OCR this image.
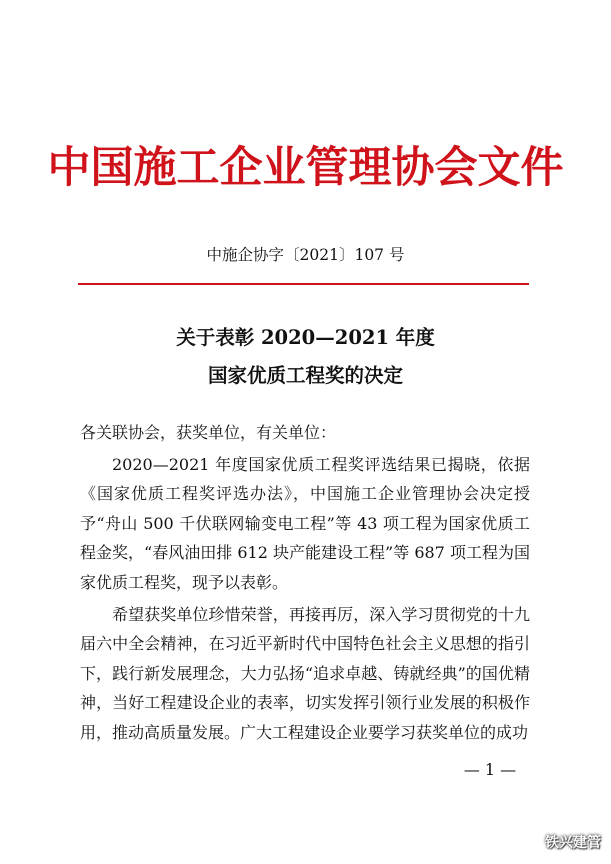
中国施工企业管理协会文件
中施企协字〔2021〕107 号
关于表彰 2020—2021 年度
国家优质工程奖的决定

各关联协会，获奖单位，有关单位：

2020—2021 年度国家优质工程奖评选结果已揭晓，依据《国家优质工程奖评选办法》，中国施工企业管理协会决定授予“舟山 500 千伏联网输变电工程”等 43 项工程为国家优质工程金奖，“春风油田排 612 块产能建设工程”等 687 项工程为国家优质工程奖，现予以表彰。

希望获奖单位珍惜荣誉，再接再厉，深入学习贯彻党的十九届六中全会精神，在习近平新时代中国特色社会主义思想的指引下，践行新发展理念，大力弘扬“追求卓越、铸就经典”的国优精神，当好工程建设企业的表率，切实发挥引领行业发展的积极作用，推动高质量发展。广大工程建设企业要学习获奖单位的成功

— 1 —
铁兴建管
